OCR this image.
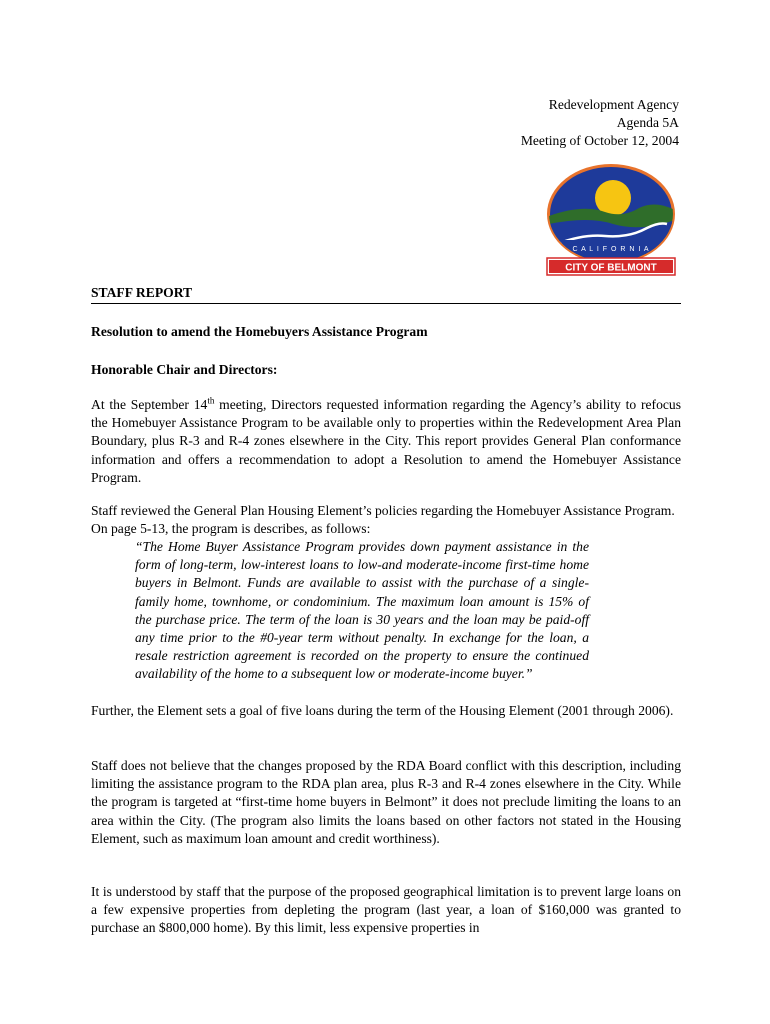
Redevelopment Agency
Agenda 5A
Meeting of October 12, 2004
C A L I F O R N I A
CITY OF BELMONT
STAFF REPORT
Resolution to amend the Homebuyers Assistance Program
Honorable Chair and Directors:
At the September 14th meeting, Directors requested information regarding the Agency’s ability to refocus the Homebuyer Assistance Program to be available only to properties within the Redevelopment Area Plan Boundary, plus R-3 and R-4 zones elsewhere in the City. This report provides General Plan conformance information and offers a recommendation to adopt a Resolution to amend the Homebuyer Assistance Program.
Staff reviewed the General Plan Housing Element’s policies regarding the Homebuyer Assistance Program. On page 5-13, the program is describes, as follows:
“The Home Buyer Assistance Program provides down payment assistance in the form of long-term, low-interest loans to low-and moderate-income first-time home buyers in Belmont. Funds are available to assist with the purchase of a single-family home, townhome, or condominium. The maximum loan amount is 15% of the purchase price. The term of the loan is 30 years and the loan may be paid-off any time prior to the #0-year term without penalty. In exchange for the loan, a resale restriction agreement is recorded on the property to ensure the continued availability of the home to a subsequent low or moderate-income buyer.”
Further, the Element sets a goal of five loans during the term of the Housing Element (2001 through 2006).
Staff does not believe that the changes proposed by the RDA Board conflict with this description, including limiting the assistance program to the RDA plan area, plus R-3 and R-4 zones elsewhere in the City. While the program is targeted at “first-time home buyers in Belmont” it does not preclude limiting the loans to an area within the City. (The program also limits the loans based on other factors not stated in the Housing Element, such as maximum loan amount and credit worthiness).
It is understood by staff that the purpose of the proposed geographical limitation is to prevent large loans on a few expensive properties from depleting the program (last year, a loan of $160,000 was granted to purchase an $800,000 home). By this limit, less expensive properties in
